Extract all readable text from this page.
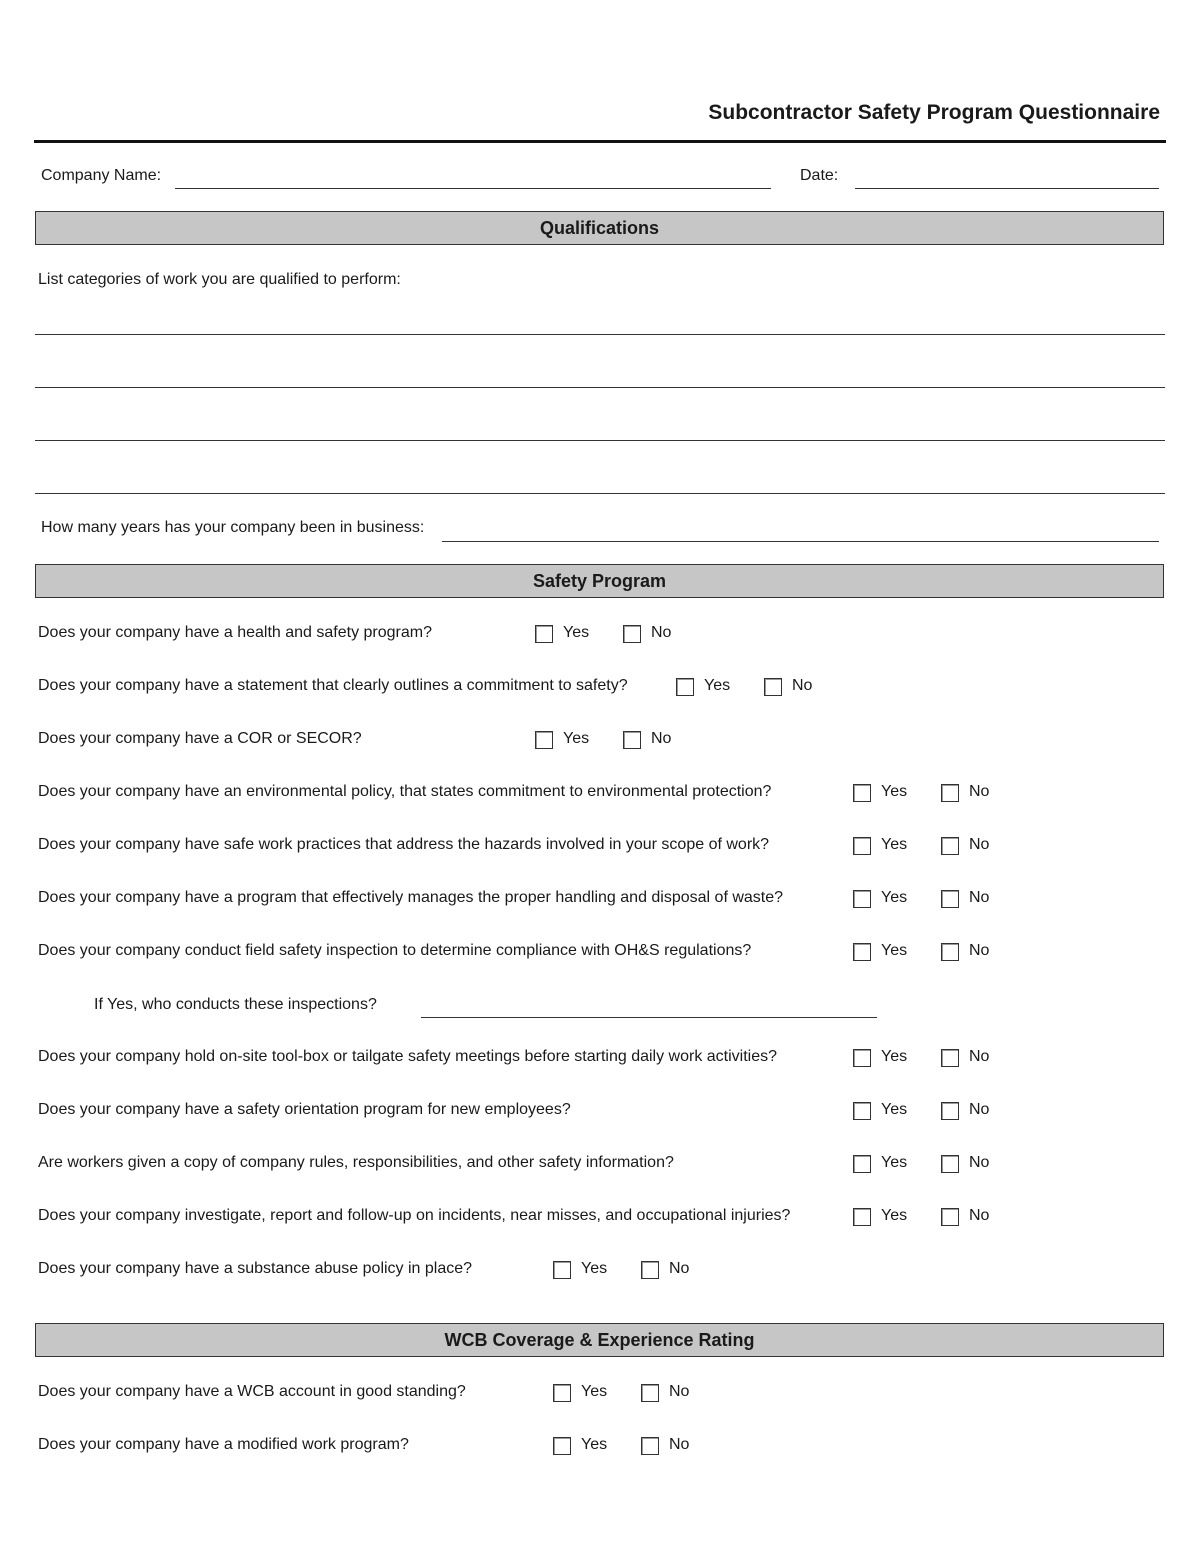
Subcontractor Safety Program Questionnaire
Company Name:	Date:
Qualifications
List categories of work you are qualified to perform:
How many years has your company been in business:
Safety Program
Does your company have a health and safety program?	Yes	No
Does your company have a statement that clearly outlines a commitment to safety?	Yes	No
Does your company have a COR or SECOR?	Yes	No
Does your company have an environmental policy, that states commitment to environmental protection?	Yes	No
Does your company have safe work practices that address the hazards involved in your scope of work?	Yes	No
Does your company have a program that effectively manages the proper handling and disposal of waste?	Yes	No
Does your company conduct field safety inspection to determine compliance with OH&S regulations?	Yes	No
If Yes, who conducts these inspections?
Does your company hold on-site tool-box or tailgate safety meetings before starting daily work activities?	Yes	No
Does your company have a safety orientation program for new employees?	Yes	No
Are workers given a copy of company rules, responsibilities, and other safety information?	Yes	No
Does your company investigate, report and follow-up on incidents, near misses, and occupational injuries?	Yes	No
Does your company have a substance abuse policy in place?	Yes	No
WCB Coverage & Experience Rating
Does your company have a WCB account in good standing?	Yes	No
Does your company have a modified work program?	Yes	No
